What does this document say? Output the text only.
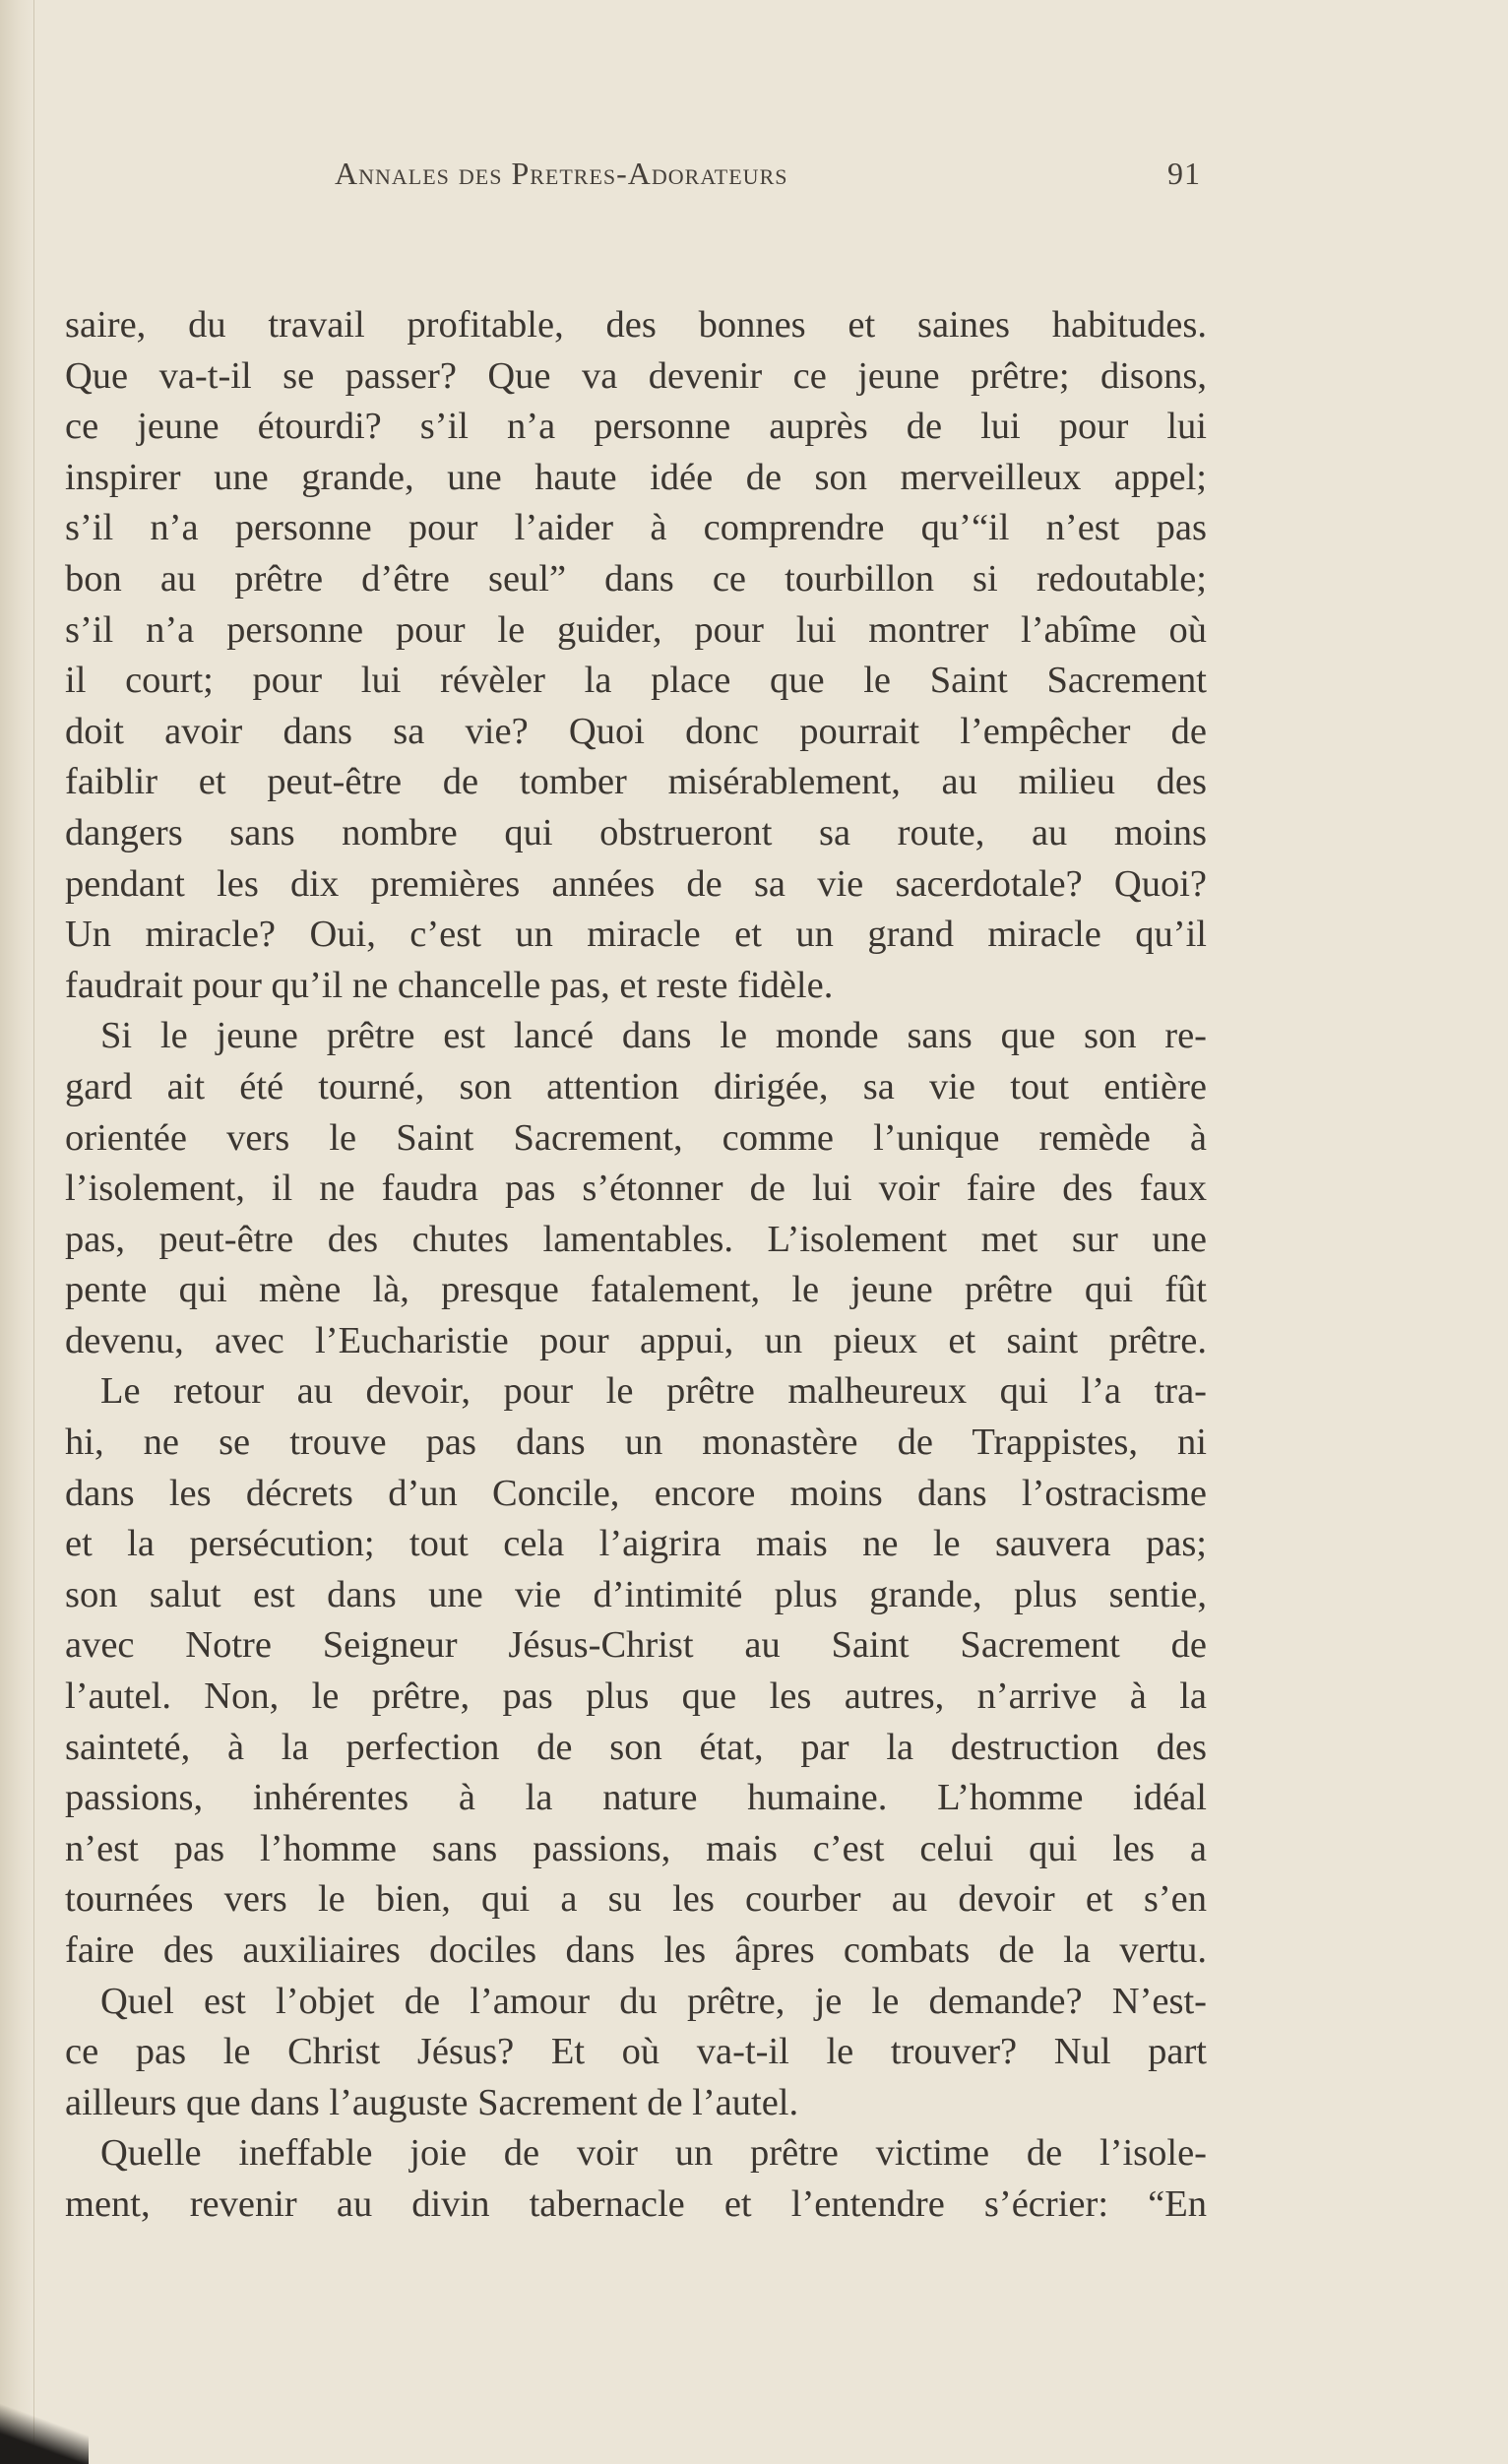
Annales des Pretres-Adorateurs	91
saire, du travail profitable, des bonnes et saines habitudes.
Que va-t-il se passer? Que va devenir ce jeune prêtre; disons,
ce jeune étourdi? s’il n’a personne auprès de lui pour lui
inspirer une grande, une haute idée de son merveilleux appel;
s’il n’a personne pour l’aider à comprendre qu’“il n’est pas
bon au prêtre d’être seul” dans ce tourbillon si redoutable;
s’il n’a personne pour le guider, pour lui montrer l’abîme où
il court; pour lui révèler la place que le Saint Sacrement
doit avoir dans sa vie? Quoi donc pourrait l’empêcher de
faiblir et peut-être de tomber misérablement, au milieu des
dangers sans nombre qui obstrueront sa route, au moins
pendant les dix premières années de sa vie sacerdotale? Quoi?
Un miracle? Oui, c’est un miracle et un grand miracle qu’il
faudrait pour qu’il ne chancelle pas, et reste fidèle.
Si le jeune prêtre est lancé dans le monde sans que son re-
gard ait été tourné, son attention dirigée, sa vie tout entière
orientée vers le Saint Sacrement, comme l’unique remède à
l’isolement, il ne faudra pas s’étonner de lui voir faire des faux
pas, peut-être des chutes lamentables. L’isolement met sur une
pente qui mène là, presque fatalement, le jeune prêtre qui fût
devenu, avec l’Eucharistie pour appui, un pieux et saint prêtre.
Le retour au devoir, pour le prêtre malheureux qui l’a tra-
hi, ne se trouve pas dans un monastère de Trappistes, ni
dans les décrets d’un Concile, encore moins dans l’ostracisme
et la persécution; tout cela l’aigrira mais ne le sauvera pas;
son salut est dans une vie d’intimité plus grande, plus sentie,
avec Notre Seigneur Jésus-Christ au Saint Sacrement de
l’autel. Non, le prêtre, pas plus que les autres, n’arrive à la
sainteté, à la perfection de son état, par la destruction des
passions, inhérentes à la nature humaine. L’homme idéal
n’est pas l’homme sans passions, mais c’est celui qui les a
tournées vers le bien, qui a su les courber au devoir et s’en
faire des auxiliaires dociles dans les âpres combats de la vertu.
Quel est l’objet de l’amour du prêtre, je le demande? N’est-
ce pas le Christ Jésus? Et où va-t-il le trouver? Nul part
ailleurs que dans l’auguste Sacrement de l’autel.
Quelle ineffable joie de voir un prêtre victime de l’isole-
ment, revenir au divin tabernacle et l’entendre s’écrier: “En
